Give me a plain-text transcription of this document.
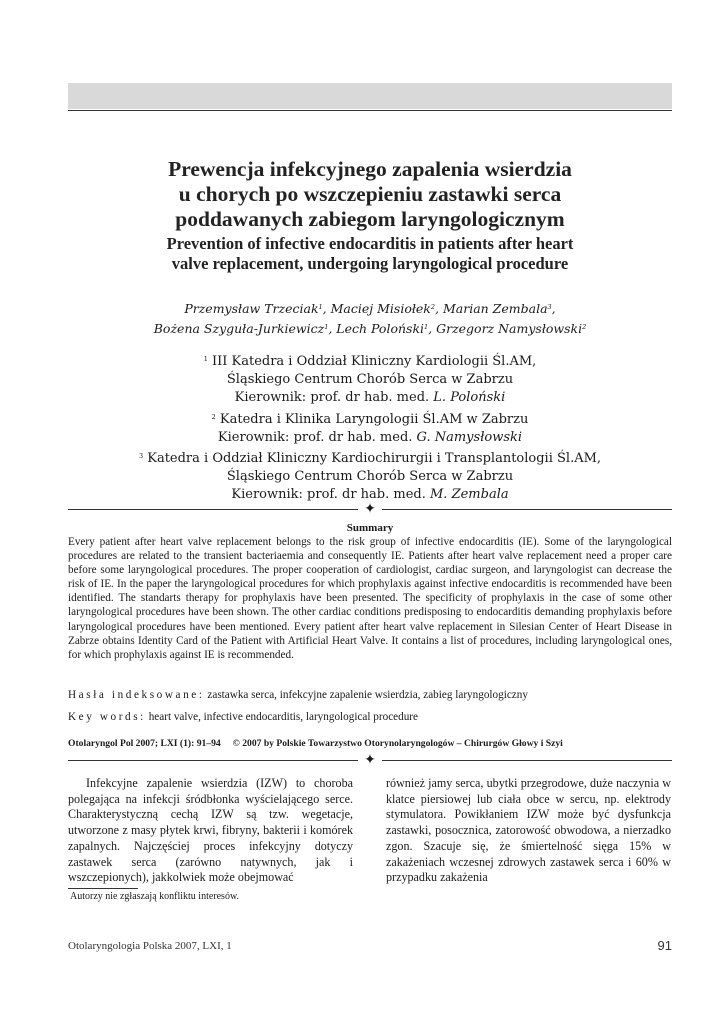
Prewencja infekcyjnego zapalenia wsierdzia
u chorych po wszczepieniu zastawki serca
poddawanych zabiegom laryngologicznym

Prevention of infective endocarditis in patients after heart
valve replacement, undergoing laryngological procedure

Przemysław Trzeciak$^1$, Maciej Misiołek$^2$, Marian Zembala$^3$,
Bożena Szyguła-Jurkiewicz$^1$, Lech Poloński$^1$, Grzegorz Namysłowski$^2$
$^1$ III Katedra i Oddział Kliniczny Kardiologii Śl.AM,
Śląskiego Centrum Chorób Serca w Zabrzu
Kierownik: prof. dr hab. med. L. Poloński
$^2$ Katedra i Klinika Laryngologii Śl.AM w Zabrzu
Kierownik: prof. dr hab. med. G. Namysłowski
$^3$ Katedra i Oddział Kliniczny Kardiochirurgii i Transplantologii Śl.AM,
Śląskiego Centrum Chorób Serca w Zabrzu
Kierownik: prof. dr hab. med. M. Zembala
✦
Summary

Every patient after heart valve replacement belongs to the risk group of infective endocarditis (IE). Some of the laryngological procedures are related to the transient bacteriaemia and consequently IE. Patients after heart valve replacement need a proper care before some laryngological procedures. The proper cooperation of cardiologist, cardiac surgeon, and laryngologist can decrease the risk of IE. In the paper the laryngological procedures for which prophylaxis against infective endocarditis is recommended have been identified. The standarts therapy for prophylaxis have been presented. The specificity of prophylaxis in the case of some other laryngological procedures have been shown. The other cardiac conditions predisposing to endocarditis demanding prophylaxis before laryngological procedures have been mentioned. Every patient after heart valve replacement in Silesian Center of Heart Disease in Zabrze obtains Identity Card of the Patient with Artificial Heart Valve. It contains a list of procedures, including laryngological ones, for which prophylaxis against IE is recommended.

Hasła indeksowane: zastawka serca, infekcyjne zapalenie wsierdzia, zabieg laryngologiczny
Key words: heart valve, infective endocarditis, laryngological procedure
Otolaryngol Pol 2007; LXI (1): 91–94     © 2007 by Polskie Towarzystwo Otorynolaryngologów – Chirurgów Głowy i Szyi
✦

Infekcyjne zapalenie wsierdzia (IZW) to choroba polegająca na infekcji śródbłonka wyścielającego serce. Charakterystyczną cechą IZW są tzw. wegetacje, utworzone z masy płytek krwi, fibryny, bakterii i komórek zapalnych. Najczęściej proces infekcyjny dotyczy zastawek serca (zarówno natywnych, jak i wszczepionych), jakkolwiek może obejmować

również jamy serca, ubytki przegrodowe, duże naczynia w klatce piersiowej lub ciała obce w sercu, np. elektrody stymulatora. Powikłaniem IZW może być dysfunkcja zastawki, posocznica, zatorowość obwodowa, a nierzadko zgon. Szacuje się, że śmiertelność sięga 15% w zakażeniach wczesnej zdrowych zastawek serca i 60% w przypadku zakażenia

Autorzy nie zgłaszają konfliktu interesów.
Otolaryngologia Polska 2007, LXI, 1	91
